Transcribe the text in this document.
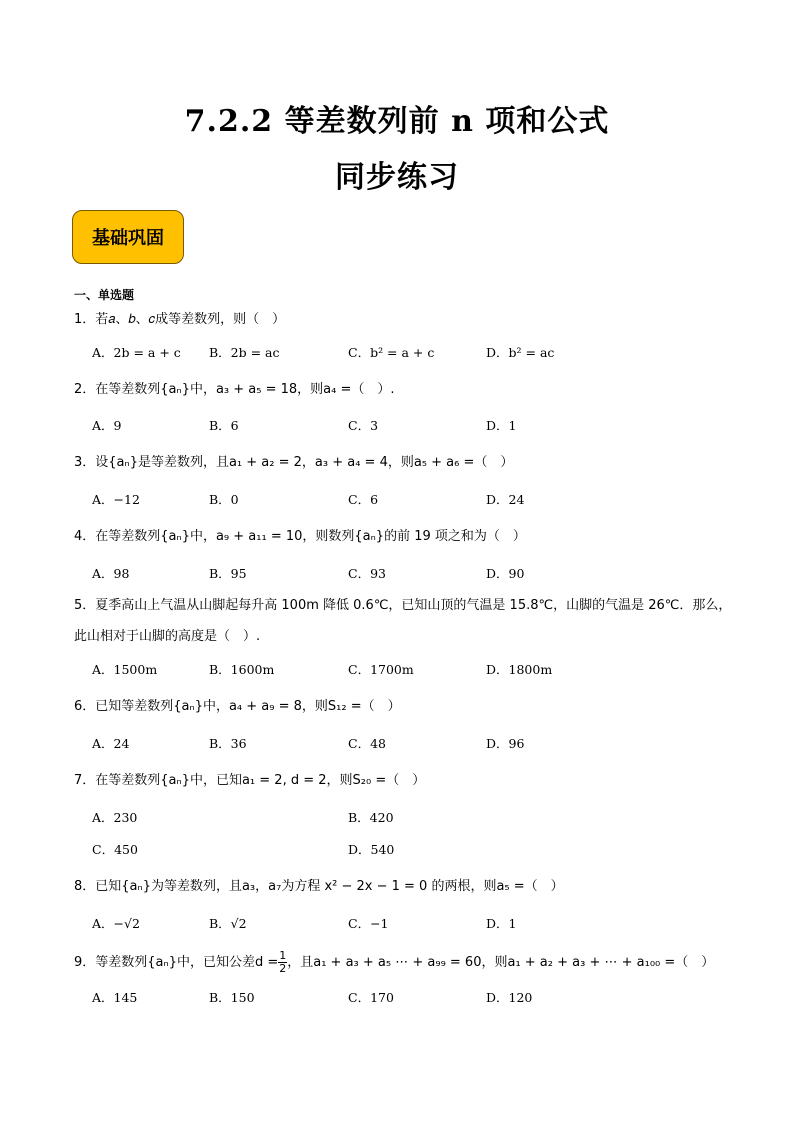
7.2.2 等差数列前 n 项和公式
同步练习
基础巩固
一、单选题
1．若𝑎、𝑏、𝑐成等差数列，则（　）
A．2b = a + c B．2b = ac	C．b² = a + c	D．b² = ac
2．在等差数列{aₙ}中，a₃ + a₅ = 18，则a₄ =（　）.
A．9	B．6	C．3	D．1
3．设{aₙ}是等差数列，且a₁ + a₂ = 2，a₃ + a₄ = 4，则a₅ + a₆ =（　）
A．−12	B．0	C．6	D．24
4．在等差数列{aₙ}中，a₉ + a₁₁ = 10，则数列{aₙ}的前 19 项之和为（　）
A．98	B．95	C．93	D．90
5．夏季高山上气温从山脚起每升高 100m 降低 0.6℃，已知山顶的气温是 15.8℃，山脚的气温是 26℃．那么，
此山相对于山脚的高度是（　）.
A．1500m	B．1600m	C．1700m	D．1800m
6．已知等差数列{aₙ}中，a₄ + a₉ = 8，则S₁₂ =（　）
A．24	B．36	C．48	D．96
7．在等差数列{aₙ}中，已知a₁ = 2, d = 2，则S₂₀ =（　）
A．230	B．420
C．450	D．540
8．已知{aₙ}为等差数列，且a₃，a₇为方程 x² − 2x − 1 = 0 的两根，则a₅ =（　）
A．−√2	B．√2	C．−1	D．1
9．等差数列{aₙ}中，已知公差$d = \frac{1}{2}$ ，且a₁ + a₃ + a₅ ⋯ + a₉₉ = 60，则a₁ + a₂ + a₃ + ⋯ + a₁₀₀ =（　）
A．145	B．150	C．170	D．120
